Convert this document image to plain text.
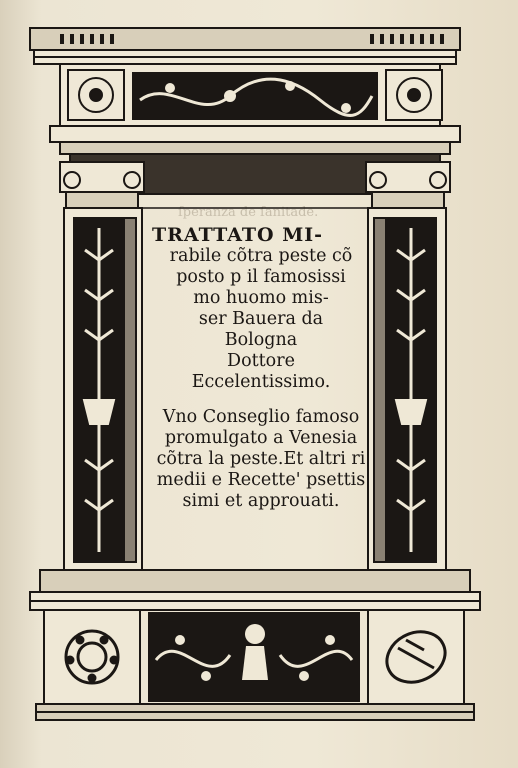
ſperanza de ſanitade.
TRATTATO MI-
rabile cõtra peste cõ
posto p il famosissi
mo huomo mis-
ser Bauera da
Bologna
Dottore
Eccelentissimo.
Vno Conseglio famoso
promulgato a Venesia
cõtra la peste.Et altri ri
medii e Recette' psettis
simi et approuati.
